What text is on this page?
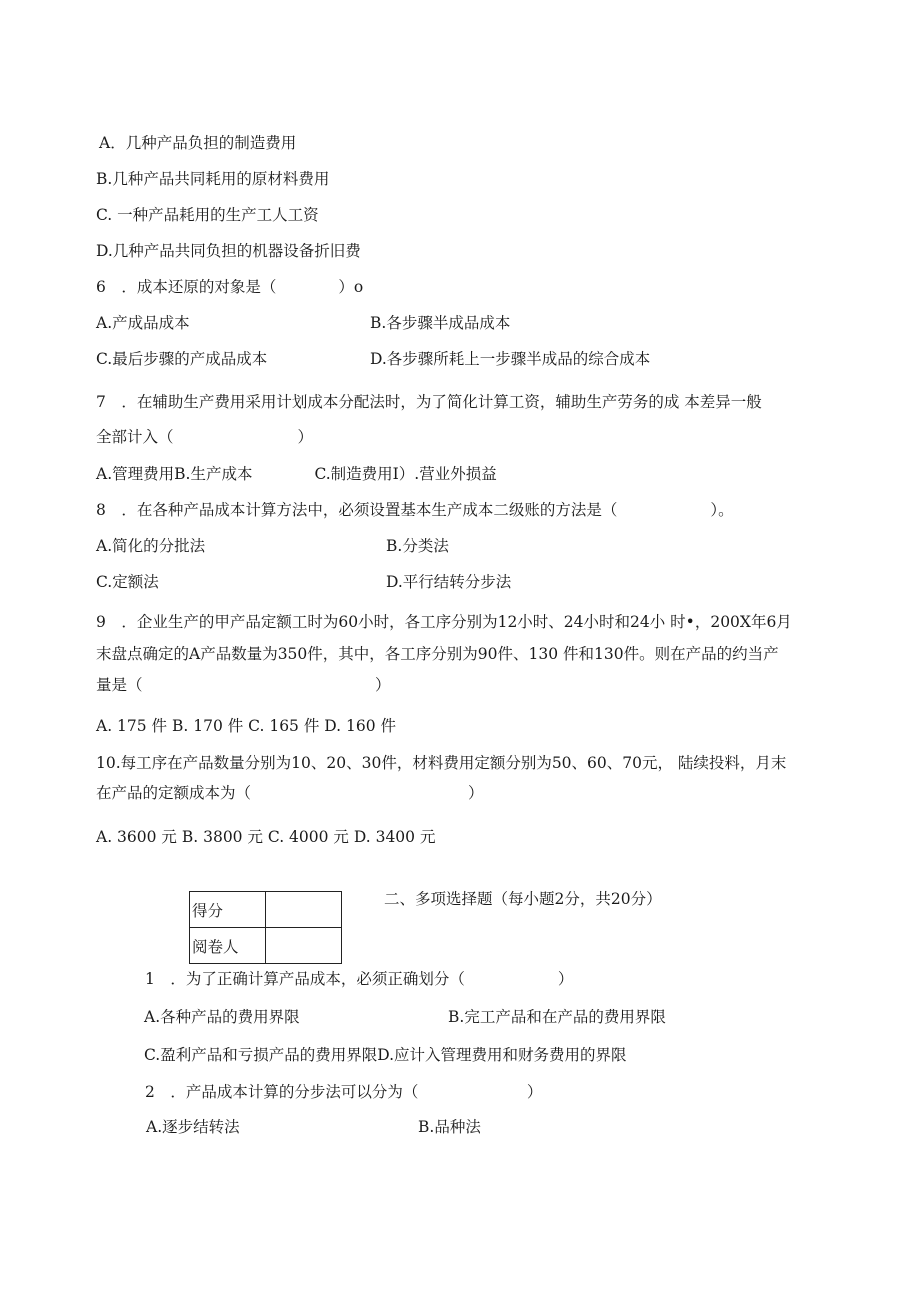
A．几种产品负担的制造费用
B.几种产品共同耗用的原材料费用
C. 一种产品耗用的生产工人工资
D.几种产品共同负担的机器设备折旧费
6　．成本还原的对象是（　　　　）o
A.产成品成本	B.各步骤半成品成本
C.最后步骤的产成品成本	D.各步骤所耗上一步骤半成品的综合成本
7　．在辅助生产费用采用计划成本分配法时，为了简化计算工资，辅助生产劳务的成 本差异一般
全部计入（　　　　　　　　）
A.管理费用B.生产成本　　　　C.制造费用I）.营业外损益
8　．在各种产品成本计算方法中，必须设置基本生产成本二级账的方法是（　　　　　　）。
A.简化的分批法	B.分类法
C.定额法	D.平行结转分步法
9　．企业生产的甲产品定额工时为60小时，各工序分别为12小时、24小时和24小 时•，200X年6月
末盘点确定的A产品数量为350件，其中，各工序分别为90件、130 件和130件。则在产品的约当产
量是（　　　　　　　　　　　　　　　）
A. 175 件 B. 170 件 C. 165 件 D. 160 件
10.每工序在产品数量分别为10、20、30件，材料费用定额分别为50、60、70元， 陆续投料，月末
在产品的定额成本为（　　　　　　　　　　　　　　）
A. 3600 元 B. 3800 元 C. 4000 元 D. 3400 元
得分	
阅卷人	
二、多项选择题（每小题2分，共20分）
1　．为了正确计算产品成本，必须正确划分（　　　　　　）
A.各种产品的费用界限	B.完工产品和在产品的费用界限
C.盈利产品和亏损产品的费用界限D.应计入管理费用和财务费用的界限
2　．产品成本计算的分步法可以分为（　　　　　　　）
A.逐步结转法	B.品种法
